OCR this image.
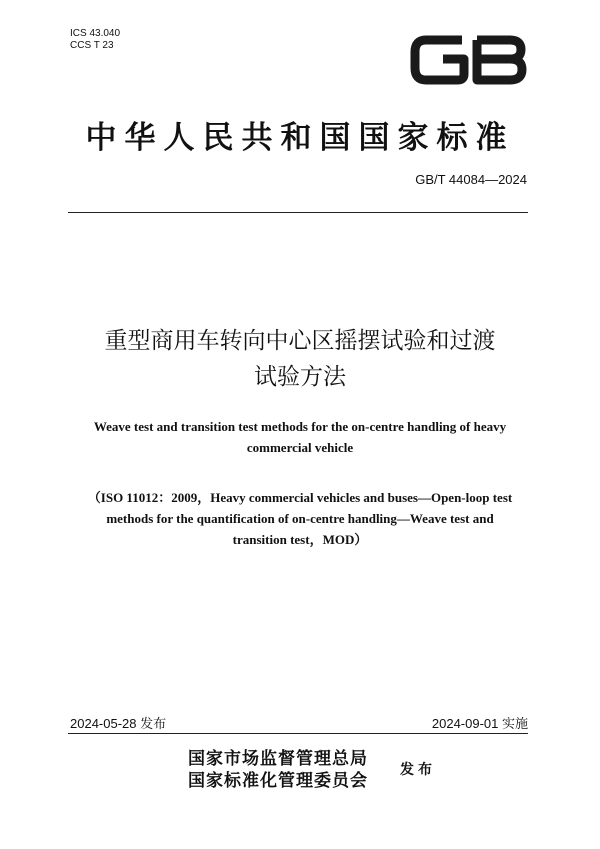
ICS 43.040
CCS T 23
GB
中华人民共和国国家标准
GB/T 44084—2024
重型商用车转向中心区摇摆试验和过渡
试验方法
Weave test and transition test methods for the on-centre handling of heavy
commercial vehicle
（ISO 11012：2009，Heavy commercial vehicles and buses—Open-loop test
methods for the quantification of on-centre handling—Weave test and
transition test，MOD）
2024-05-28 发布	2024-09-01 实施
国家市场监督管理总局
国家标准化管理委员会
发布
